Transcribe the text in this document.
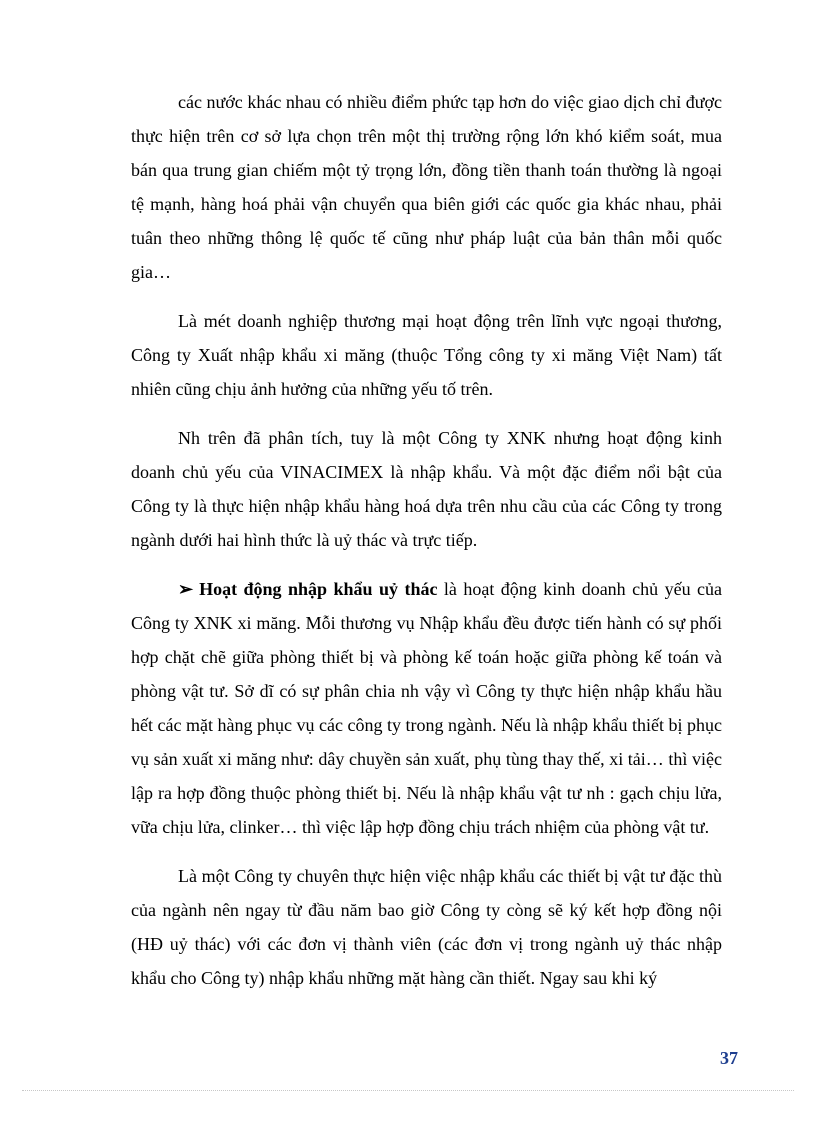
các nước khác nhau có nhiều điểm phức tạp hơn do việc giao dịch chỉ được thực hiện trên cơ sở lựa chọn trên một thị trường rộng lớn khó kiểm soát, mua bán qua trung gian chiếm một tỷ trọng lớn, đồng tiền thanh toán thường là ngoại tệ mạnh, hàng hoá phải vận chuyển qua biên giới các quốc gia khác nhau, phải tuân theo những thông lệ quốc tế cũng như pháp luật của bản thân mỗi quốc gia…

Là mét doanh nghiệp thương mại hoạt động trên lĩnh vực ngoại thương, Công ty Xuất nhập khẩu xi măng (thuộc Tổng công ty xi măng Việt Nam) tất nhiên cũng chịu ảnh hưởng của những yếu tố trên.

Nh trên đã phân tích, tuy là một Công ty XNK nhưng hoạt động kinh doanh chủ yếu của VINACIMEX là nhập khẩu. Và một đặc điểm nổi bật của Công ty là thực hiện nhập khẩu hàng hoá dựa trên nhu cầu của các Công ty trong ngành dưới hai hình thức là uỷ thác và trực tiếp.

➢ Hoạt động nhập khẩu uỷ thác là hoạt động kinh doanh chủ yếu của Công ty XNK xi măng. Mỗi thương vụ Nhập khẩu đều được tiến hành có sự phối hợp chặt chẽ giữa phòng thiết bị và phòng kế toán hoặc giữa phòng kế toán và phòng vật tư. Sở dĩ có sự phân chia nh vậy vì Công ty thực hiện nhập khẩu hầu hết các mặt hàng phục vụ các công ty trong ngành. Nếu là nhập khẩu thiết bị phục vụ sản xuất xi măng như: dây chuyền sản xuất, phụ tùng thay thế, xi tải… thì việc lập ra hợp đồng thuộc phòng thiết bị. Nếu là nhập khẩu vật tư nh : gạch chịu lửa, vữa chịu lửa, clinker… thì việc lập hợp đồng chịu trách nhiệm của phòng vật tư.

Là một Công ty chuyên thực hiện việc nhập khẩu các thiết bị vật tư đặc thù của ngành nên ngay từ đầu năm bao giờ Công ty còng sẽ ký kết hợp đồng nội (HĐ uỷ thác) với các đơn vị thành viên (các đơn vị trong ngành uỷ thác nhập khẩu cho Công ty) nhập khẩu những mặt hàng cần thiết. Ngay sau khi ký

37
